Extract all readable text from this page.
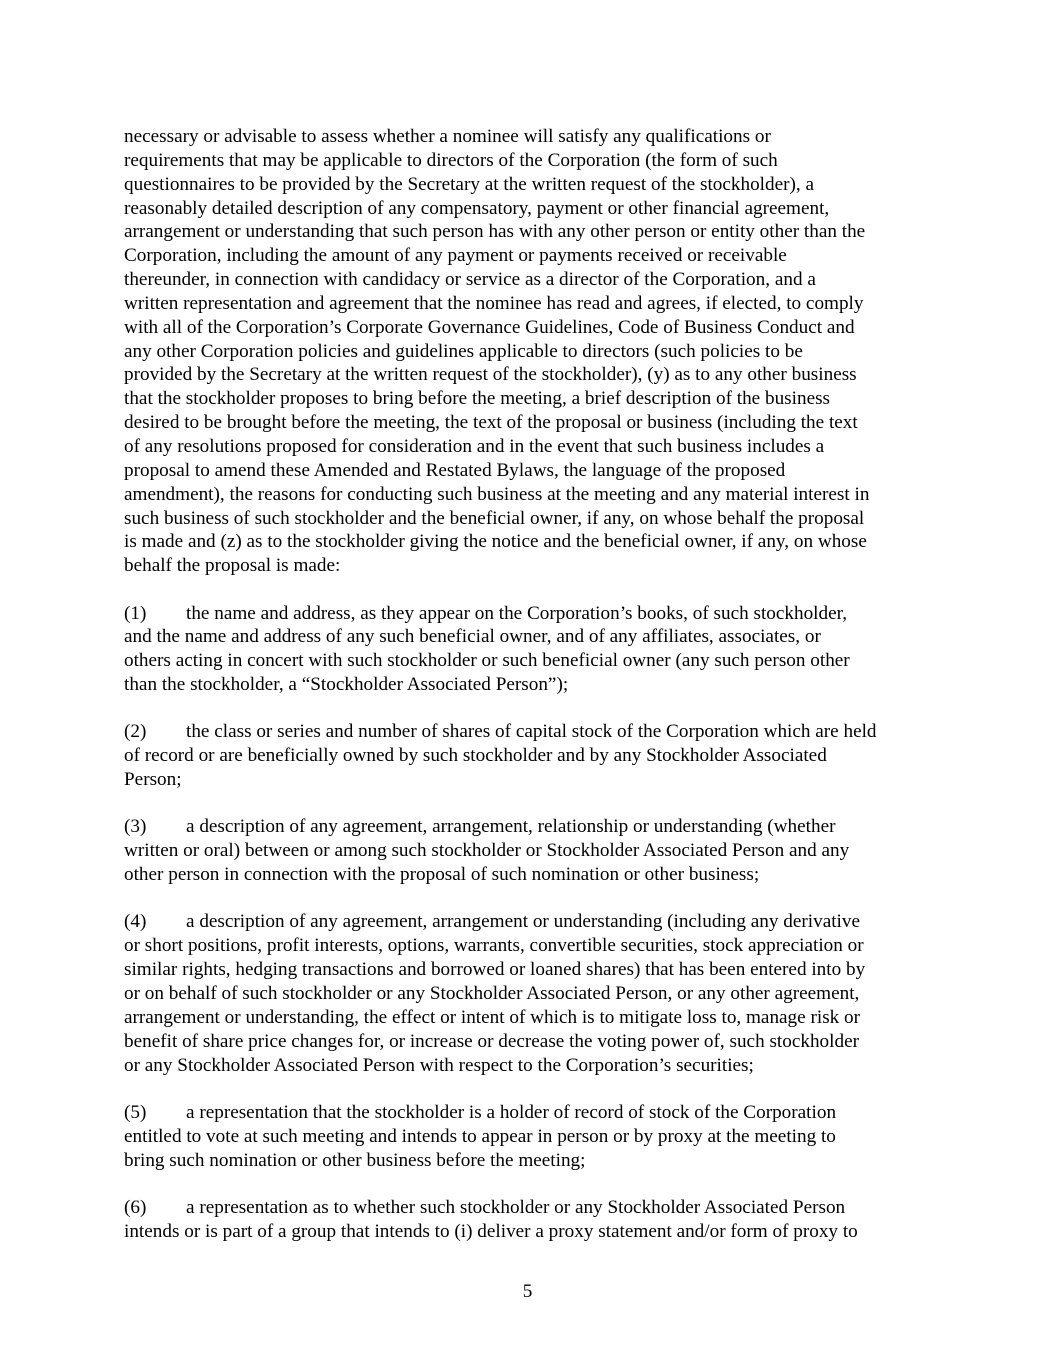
necessary or advisable to assess whether a nominee will satisfy any qualifications or
requirements that may be applicable to directors of the Corporation (the form of such
questionnaires to be provided by the Secretary at the written request of the stockholder), a
reasonably detailed description of any compensatory, payment or other financial agreement,
arrangement or understanding that such person has with any other person or entity other than the
Corporation, including the amount of any payment or payments received or receivable
thereunder, in connection with candidacy or service as a director of the Corporation, and a
written representation and agreement that the nominee has read and agrees, if elected, to comply
with all of the Corporation’s Corporate Governance Guidelines, Code of Business Conduct and
any other Corporation policies and guidelines applicable to directors (such policies to be
provided by the Secretary at the written request of the stockholder), (y) as to any other business
that the stockholder proposes to bring before the meeting, a brief description of the business
desired to be brought before the meeting, the text of the proposal or business (including the text
of any resolutions proposed for consideration and in the event that such business includes a
proposal to amend these Amended and Restated Bylaws, the language of the proposed
amendment), the reasons for conducting such business at the meeting and any material interest in
such business of such stockholder and the beneficial owner, if any, on whose behalf the proposal
is made and (z) as to the stockholder giving the notice and the beneficial owner, if any, on whose
behalf the proposal is made:

(1) the name and address, as they appear on the Corporation’s books, of such stockholder,
and the name and address of any such beneficial owner, and of any affiliates, associates, or
others acting in concert with such stockholder or such beneficial owner (any such person other
than the stockholder, a “Stockholder Associated Person”);

(2) the class or series and number of shares of capital stock of the Corporation which are held
of record or are beneficially owned by such stockholder and by any Stockholder Associated
Person;

(3) a description of any agreement, arrangement, relationship or understanding (whether
written or oral) between or among such stockholder or Stockholder Associated Person and any
other person in connection with the proposal of such nomination or other business;

(4) a description of any agreement, arrangement or understanding (including any derivative
or short positions, profit interests, options, warrants, convertible securities, stock appreciation or
similar rights, hedging transactions and borrowed or loaned shares) that has been entered into by
or on behalf of such stockholder or any Stockholder Associated Person, or any other agreement,
arrangement or understanding, the effect or intent of which is to mitigate loss to, manage risk or
benefit of share price changes for, or increase or decrease the voting power of, such stockholder
or any Stockholder Associated Person with respect to the Corporation’s securities;

(5) a representation that the stockholder is a holder of record of stock of the Corporation
entitled to vote at such meeting and intends to appear in person or by proxy at the meeting to
bring such nomination or other business before the meeting;

(6) a representation as to whether such stockholder or any Stockholder Associated Person
intends or is part of a group that intends to (i) deliver a proxy statement and/or form of proxy to

5
